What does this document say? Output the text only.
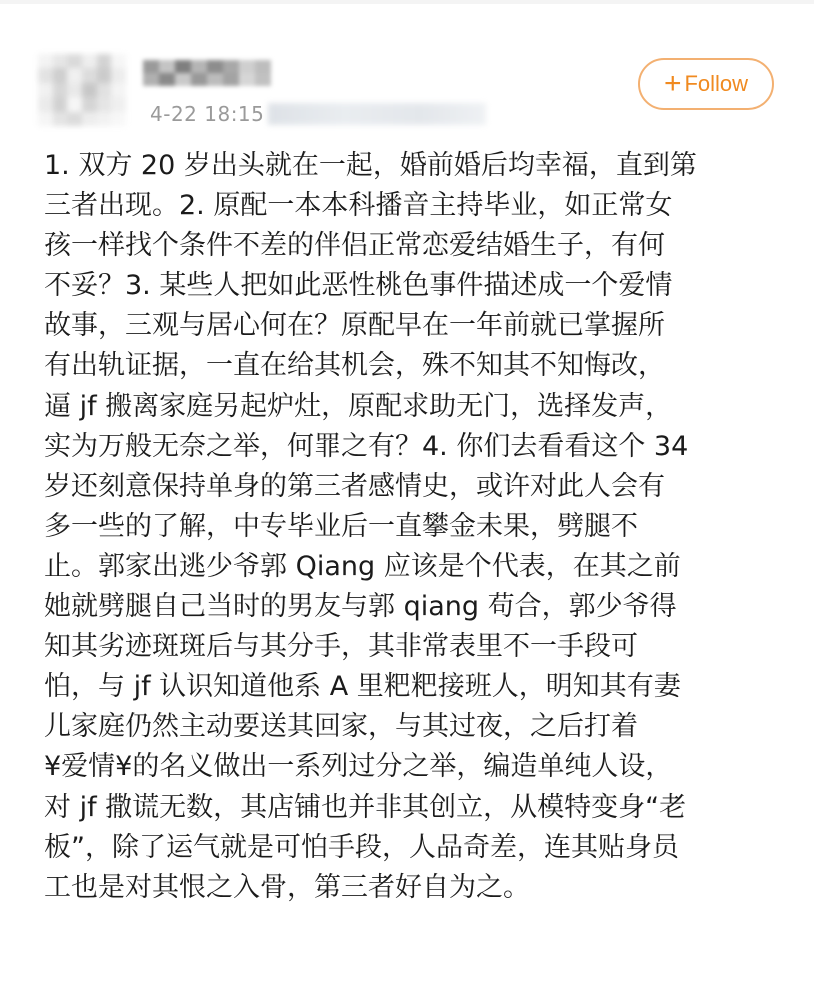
4-22 18:15
+ Follow
1. 双方 20 岁出头就在一起，婚前婚后均幸福，直到第
三者出现。2. 原配一本本科播音主持毕业，如正常女
孩一样找个条件不差的伴侣正常恋爱结婚生子，有何
不妥？3. 某些人把如此恶性桃色事件描述成一个爱情
故事，三观与居心何在？原配早在一年前就已掌握所
有出轨证据，一直在给其机会，殊不知其不知悔改，
逼 jf 搬离家庭另起炉灶，原配求助无门，选择发声，
实为万般无奈之举，何罪之有？4. 你们去看看这个 34
岁还刻意保持单身的第三者感情史，或许对此人会有
多一些的了解，中专毕业后一直攀金未果，劈腿不
止。郭家出逃少爷郭 Qiang 应该是个代表，在其之前
她就劈腿自己当时的男友与郭 qiang 苟合，郭少爷得
知其劣迹斑斑后与其分手，其非常表里不一手段可
怕，与 jf 认识知道他系 A 里粑粑接班人，明知其有妻
儿家庭仍然主动要送其回家，与其过夜，之后打着
¥爱情¥的名义做出一系列过分之举，编造单纯人设，
对 jf 撒谎无数，其店铺也并非其创立，从模特变身“老
板”，除了运气就是可怕手段，人品奇差，连其贴身员
工也是对其恨之入骨，第三者好自为之。
